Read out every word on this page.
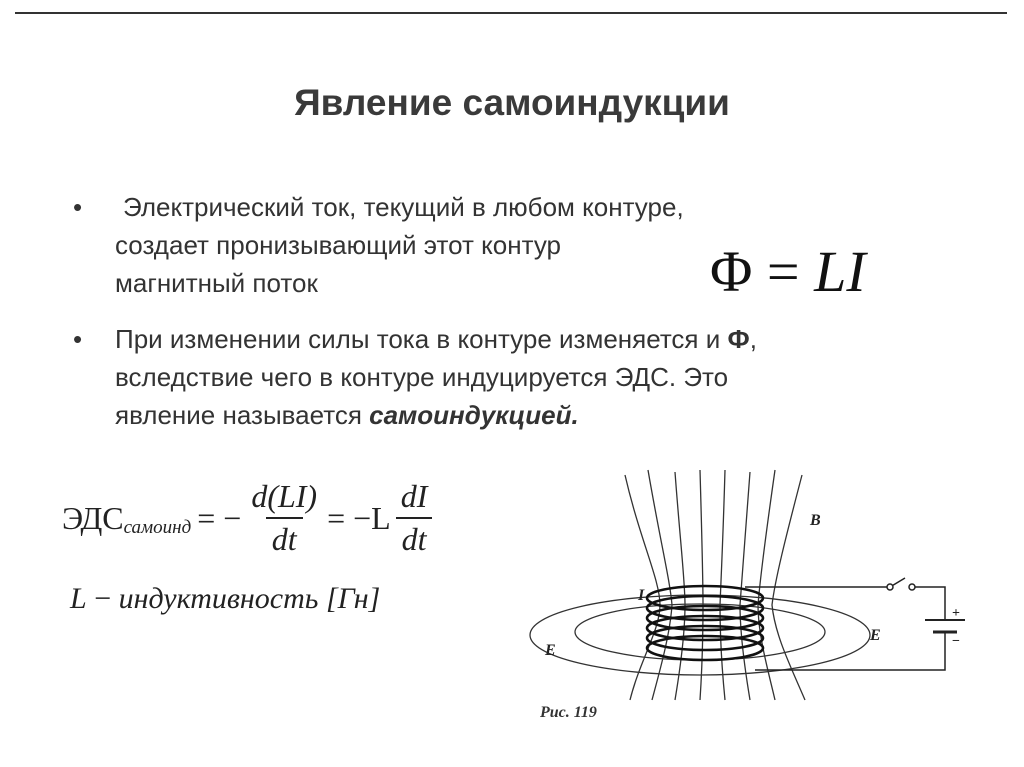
Явление самоиндукции
• Электрический ток, текущий в любом контуре,
создает пронизывающий этот контур
магнитный поток	Φ = LI
• При изменении силы тока в контуре изменяется и Ф,
вследствие чего в контуре индуцируется ЭДС. Это
явление называется самоиндукцией.
ЭДС самоинд = − $\frac{d(LI)}{dt} = -L \frac{dI}{dt}$
L − индуктивность [Гн]
B
E
E
I
+
−
Рис. 119
